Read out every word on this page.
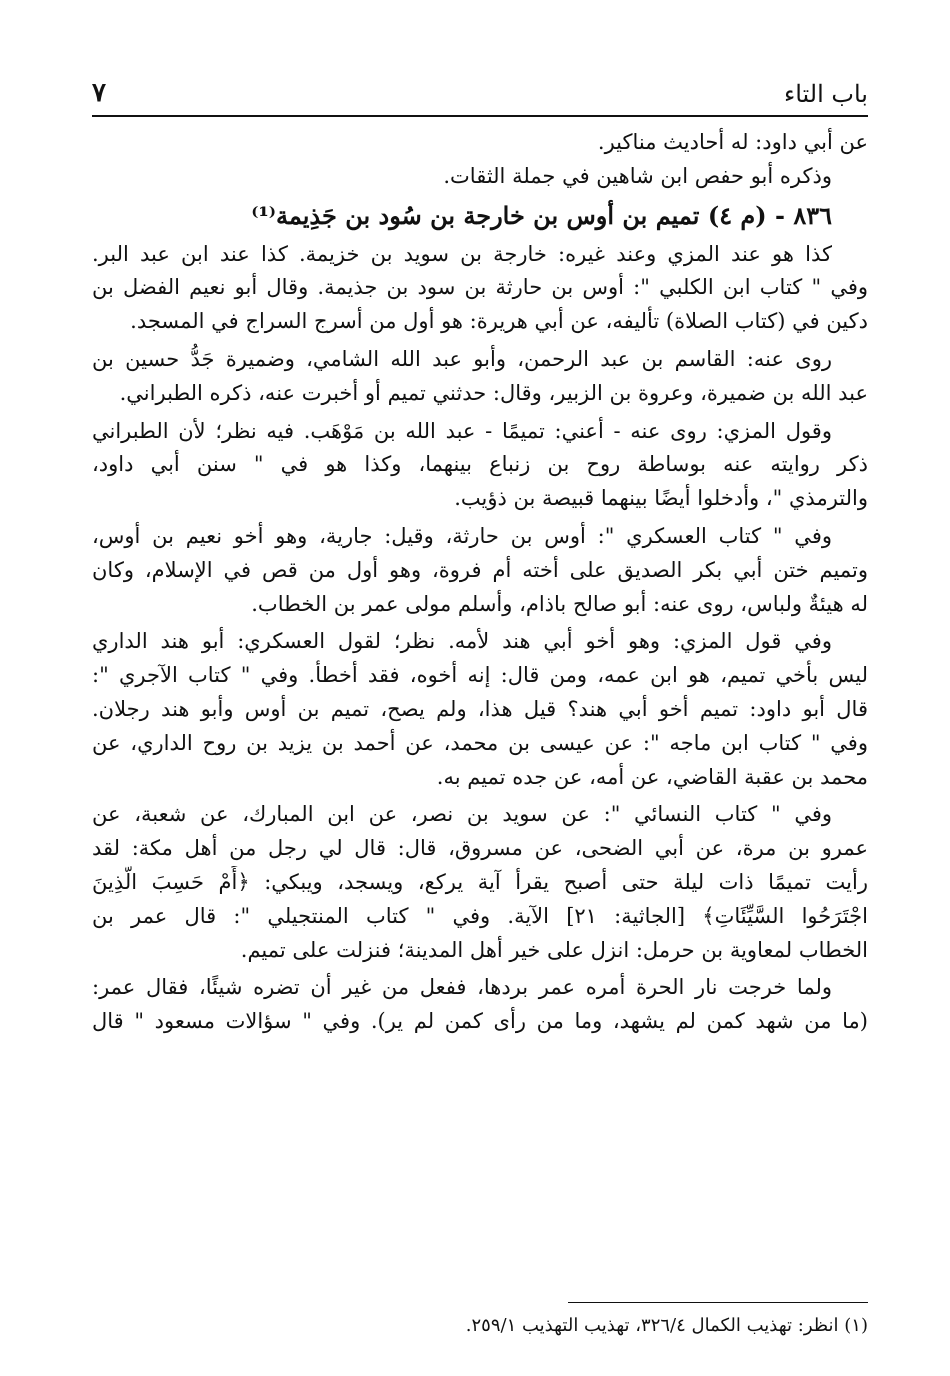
باب التاء
٧
عن أبي داود: له أحاديث مناكير.
وذكره أبو حفص ابن شاهين في جملة الثقات.
٨٣٦ - (م ٤) تميم بن أوس بن خارجة بن سُود بن جَذِيمة⁽¹⁾
كذا هو عند المزي وعند غيره: خارجة بن سويد بن خزيمة. كذا عند ابن عبد البر.
وفي " كتاب ابن الكلبي ": أوس بن حارثة بن سود بن جذيمة. وقال أبو نعيم الفضل بن
دكين في (كتاب الصلاة) تأليفه، عن أبي هريرة: هو أول من أسرج السراج في المسجد.
روى عنه: القاسم بن عبد الرحمن، وأبو عبد الله الشامي، وضميرة جَدُّ حسين بن
عبد الله بن ضميرة، وعروة بن الزبير، وقال: حدثني تميم أو أخبرت عنه، ذكره الطبراني.
وقول المزي: روى عنه - أعني: تميمًا - عبد الله بن مَوْهَب. فيه نظر؛ لأن الطبراني
ذكر روايته عنه بوساطة روح بن زنباع بينهما، وكذا هو في " سنن أبي داود،
والترمذي "، وأدخلوا أيضًا بينهما قبيصة بن ذؤيب.
وفي " كتاب العسكري ": أوس بن حارثة، وقيل: جارية، وهو أخو نعيم بن أوس،
وتميم ختن أبي بكر الصديق على أخته أم فروة، وهو أول من قص في الإسلام، وكان
له هيئةٌ ولباس، روى عنه: أبو صالح باذام، وأسلم مولى عمر بن الخطاب.
وفي قول المزي: وهو أخو أبي هند لأمه. نظر؛ لقول العسكري: أبو هند الداري
ليس بأخي تميم، هو ابن عمه، ومن قال: إنه أخوه، فقد أخطأ. وفي " كتاب الآجري ":
قال أبو داود: تميم أخو أبي هند؟ قيل هذا، ولم يصح، تميم بن أوس وأبو هند رجلان.
وفي " كتاب ابن ماجه ": عن عيسى بن محمد، عن أحمد بن يزيد بن روح الداري، عن
محمد بن عقبة القاضي، عن أمه، عن جده تميم به.
وفي " كتاب النسائي ": عن سويد بن نصر، عن ابن المبارك، عن شعبة، عن
عمرو بن مرة، عن أبي الضحى، عن مسروق، قال: قال لي رجل من أهل مكة: لقد
رأيت تميمًا ذات ليلة حتى أصبح يقرأ آية يركع، ويسجد، ويبكي: ﴿أَمْ حَسِبَ الَّذِينَ
اجْتَرَحُوا السَّيِّئَاتِ﴾ [الجاثية: ٢١] الآية. وفي " كتاب المنتجيلي ": قال عمر بن
الخطاب لمعاوية بن حرمل: انزل على خير أهل المدينة؛ فنزلت على تميم.
ولما خرجت نار الحرة أمره عمر بردها، ففعل من غير أن تضره شيئًا، فقال عمر:
(ما من شهد كمن لم يشهد، وما من رأى كمن لم ير). وفي " سؤالات مسعود " قال
(١) انظر: تهذيب الكمال ٣٢٦/٤، تهذيب التهذيب ٢٥٩/١.
